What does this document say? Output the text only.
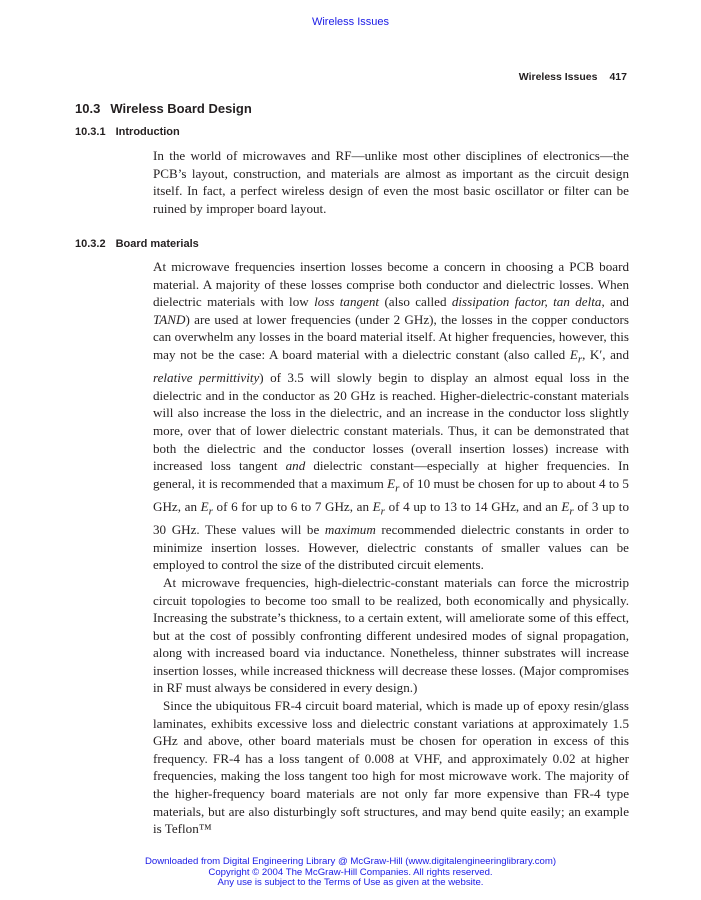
Wireless Issues
Wireless Issues 417
10.3 Wireless Board Design
10.3.1 Introduction

In the world of microwaves and RF—unlike most other disciplines of electronics—the PCB’s layout, construction, and materials are almost as important as the circuit design itself. In fact, a perfect wireless design of even the most basic oscillator or filter can be ruined by improper board layout.

10.3.2 Board materials

At microwave frequencies insertion losses become a concern in choosing a PCB board material. A majority of these losses comprise both conductor and dielectric losses. When dielectric materials with low loss tangent (also called dissipation factor, tan delta, and TAND) are used at lower frequencies (under 2 GHz), the losses in the copper conductors can overwhelm any losses in the board material itself. At higher frequencies, however, this may not be the case: A board material with a dielectric constant (also called $E_r$, K′, and relative permittivity) of 3.5 will slowly begin to display an almost equal loss in the dielectric and in the conductor as 20 GHz is reached. Higher-dielectric-constant materials will also increase the loss in the dielectric, and an increase in the conductor loss slightly more, over that of lower dielectric constant materials. Thus, it can be demonstrated that both the dielectric and the conductor losses (overall insertion losses) increase with increased loss tangent and dielectric constant—especially at higher frequencies. In general, it is recommended that a maximum $E_r$ of 10 must be chosen for up to about 4 to 5 GHz, an $E_r$ of 6 for up to 6 to 7 GHz, an $E_r$ of 4 up to 13 to 14 GHz, and an $E_r$ of 3 up to 30 GHz. These values will be maximum recommended dielectric constants in order to minimize insertion losses. However, dielectric constants of smaller values can be employed to control the size of the distributed circuit elements.

At microwave frequencies, high-dielectric-constant materials can force the microstrip circuit topologies to become too small to be realized, both economically and physically. Increasing the substrate’s thickness, to a certain extent, will ameliorate some of this effect, but at the cost of possibly confronting different undesired modes of signal propagation, along with increased board via inductance. Nonetheless, thinner substrates will increase insertion losses, while increased thickness will decrease these losses. (Major compromises in RF must always be considered in every design.)

Since the ubiquitous FR-4 circuit board material, which is made up of epoxy resin/glass laminates, exhibits excessive loss and dielectric constant variations at approximately 1.5 GHz and above, other board materials must be chosen for operation in excess of this frequency. FR-4 has a loss tangent of 0.008 at VHF, and approximately 0.02 at higher frequencies, making the loss tangent too high for most microwave work. The majority of the higher-frequency board materials are not only far more expensive than FR-4 type materials, but are also disturbingly soft structures, and may bend quite easily; an example is Teflon™

Downloaded from Digital Engineering Library @ McGraw-Hill (www.digitalengineeringlibrary.com)
Copyright © 2004 The McGraw-Hill Companies. All rights reserved.
Any use is subject to the Terms of Use as given at the website.
